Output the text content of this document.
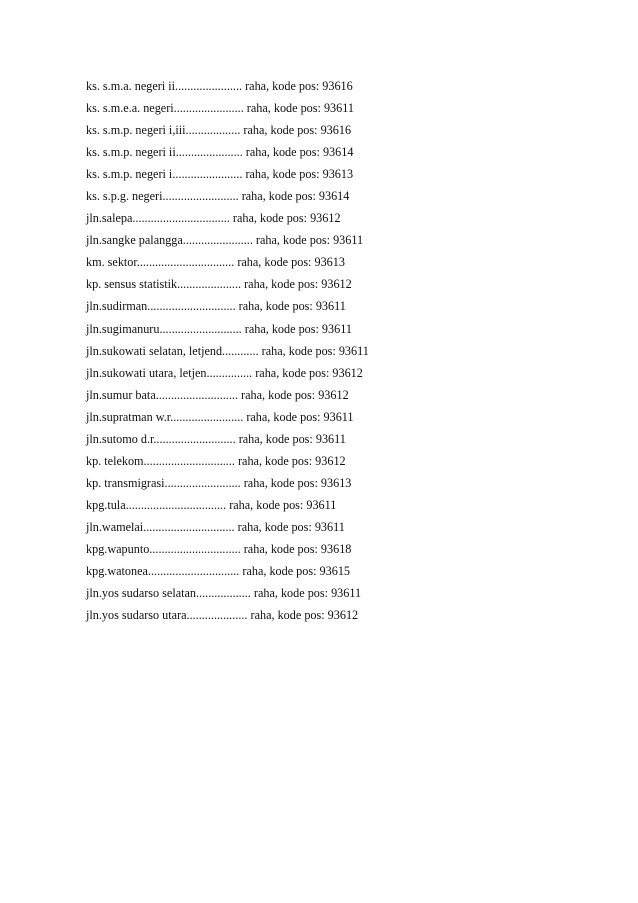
ks. s.m.a. negeri ii...................... raha, kode pos: 93616
ks. s.m.e.a. negeri....................... raha, kode pos: 93611
ks. s.m.p. negeri i,iii.................. raha, kode pos: 93616
ks. s.m.p. negeri ii...................... raha, kode pos: 93614
ks. s.m.p. negeri i....................... raha, kode pos: 93613
ks. s.p.g. negeri......................... raha, kode pos: 93614
jln.salepa................................ raha, kode pos: 93612
jln.sangke palangga....................... raha, kode pos: 93611
km. sektor................................ raha, kode pos: 93613
kp. sensus statistik..................... raha, kode pos: 93612
jln.sudirman............................. raha, kode pos: 93611
jln.sugimanuru........................... raha, kode pos: 93611
jln.sukowati selatan, letjend............ raha, kode pos: 93611
jln.sukowati utara, letjen............... raha, kode pos: 93612
jln.sumur bata........................... raha, kode pos: 93612
jln.supratman w.r........................ raha, kode pos: 93611
jln.sutomo d.r........................... raha, kode pos: 93611
kp. telekom.............................. raha, kode pos: 93612
kp. transmigrasi......................... raha, kode pos: 93613
kpg.tula................................. raha, kode pos: 93611
jln.wamelai.............................. raha, kode pos: 93611
kpg.wapunto.............................. raha, kode pos: 93618
kpg.watonea.............................. raha, kode pos: 93615
jln.yos sudarso selatan.................. raha, kode pos: 93611
jln.yos sudarso utara.................... raha, kode pos: 93612
